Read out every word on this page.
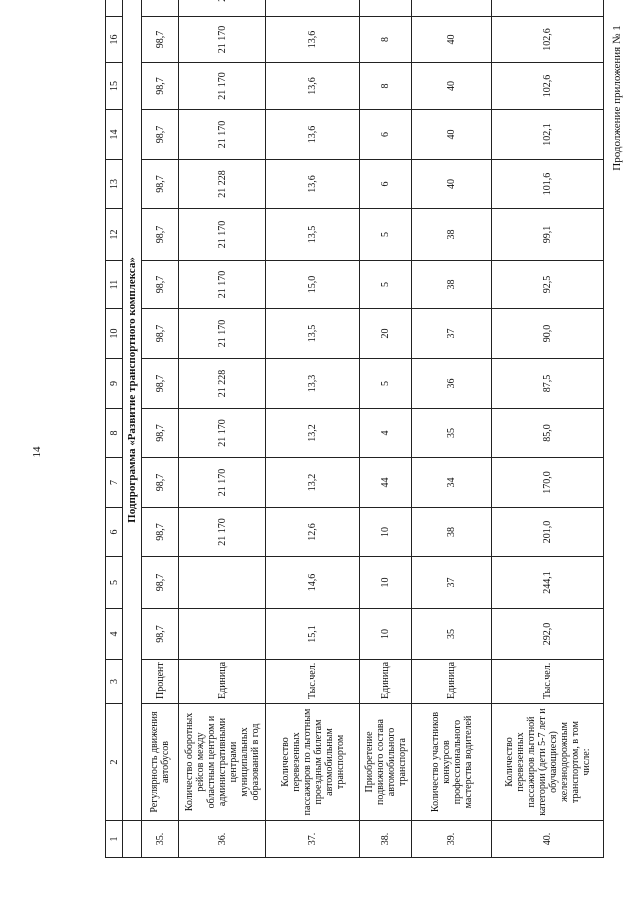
14
Продолжение приложения № 1
1	2	3	4	5	6	7	8	9	10	11	12	13	14	15	16	
	Подпрограмма «Развитие транспортного комплекса»															
35.	Регулярность движения автобусов	Процент	98,7	98,7	98,7	98,7	98,7	98,7	98,7	98,7	98,7	98,7	98,7	98,7	98,7	
36.	Количество оборотных рейсов между областным центром и административными центрами муниципальных образований в год	Единица			21 170	21 170	21 170	21 228	21 170	21 170	21 170	21 228	21 170	21 170	21 170	
37.	Количество перевезенных пассажиров по льготным проездным билетам автомобильным транспортом	Тыс.чел.	15,1	14,6	12,6	13,2	13,2	13,3	13,5	15,0	13,5	13,6	13,6	13,6	13,6	
38.	Приобретение подвижного состава автомобильного транспорта	Единица	10	10	10	44	4	5	20	5	5	6	6	8	8	
39.	Количество участников конкурсов профессионального мастерства водителей	Единица	35	37	38	34	35	36	37	38	38	40	40	40	40	
40.	Количество перевезенных пассажиров льготной категории (дети 5-7 лет и обучающиеся) железнодорожным транспортом, в том числе:	Тыс.чел.	292,0	244,1	201,0	170,0	85,0	87,5	90,0	92,5	99,1	101,6	102,1	102,6	102,6	
